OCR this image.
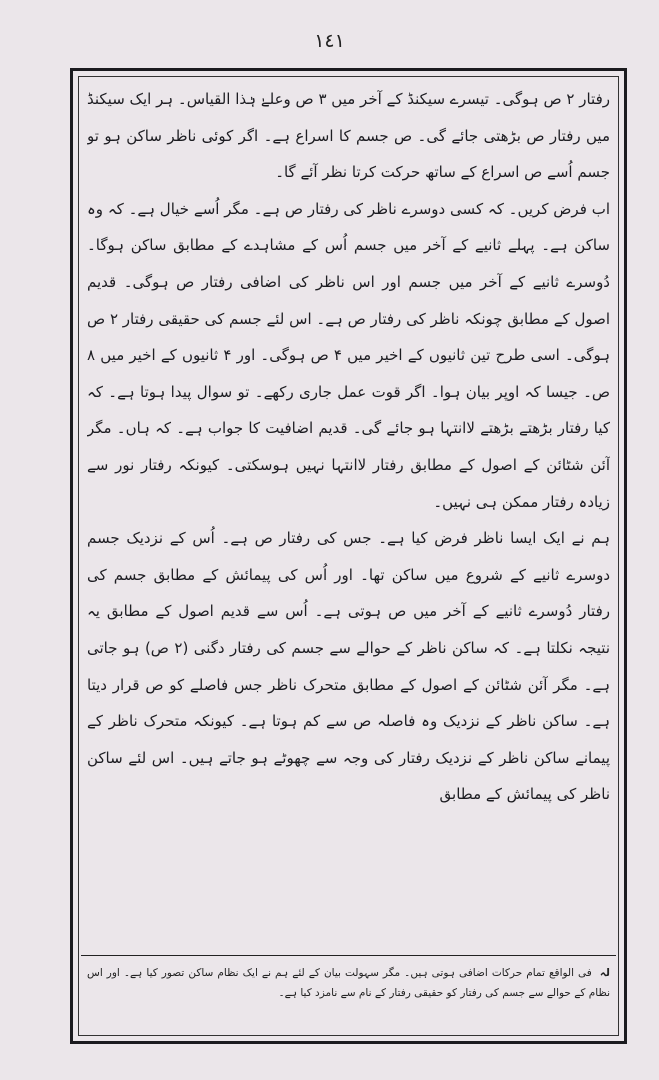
١٤١

رفتار ۲ ص ہوگی۔ تیسرے سیکنڈ کے آخر میں ۳ ص وعلےٰ ہٰذا القیاس۔ ہر ایک سیکنڈ میں رفتار ص بڑھتی جائے گی۔ ص جسم کا اسراع ہے۔ اگر کوئی ناظر ساکن ہو تو جسم اُسے ص اسراع کے ساتھ حرکت کرتا نظر آئے گا۔

اب فرض کریں۔ کہ کسی دوسرے ناظر کی رفتار ص ہے۔ مگر اُسے خیال ہے۔ کہ وہ ساکن ہے۔ پہلے ثانیے کے آخر میں جسم اُس کے مشاہدے کے مطابق ساکن ہوگا۔ دُوسرے ثانیے کے آخر میں جسم اور اس ناظر کی اضافی رفتار ص ہوگی۔ قدیم اصول کے مطابق چونکہ ناظر کی رفتار ص ہے۔ اس لئے جسم کی حقیقی رفتار ۲ ص ہوگی۔ اسی طرح تین ثانیوں کے اخیر میں ۴ ص ہوگی۔ اور ۴ ثانیوں کے اخیر میں ۸ ص۔ جیسا کہ اوپر بیان ہوا۔ اگر قوت عمل جاری رکھے۔ تو سوال پیدا ہوتا ہے۔ کہ کیا رفتار بڑھتے بڑھتے لاانتہا ہو جائے گی۔ قدیم اضافیت کا جواب ہے۔ کہ ہاں۔ مگر آئن شٹائن کے اصول کے مطابق رفتار لاانتہا نہیں ہوسکتی۔ کیونکہ رفتار نور سے زیادہ رفتار ممکن ہی نہیں۔

ہم نے ایک ایسا ناظر فرض کیا ہے۔ جس کی رفتار ص ہے۔ اُس کے نزدیک جسم دوسرے ثانیے کے شروع میں ساکن تھا۔ اور اُس کی پیمائش کے مطابق جسم کی رفتار دُوسرے ثانیے کے آخر میں ص ہوتی ہے۔ اُس سے قدیم اصول کے مطابق یہ نتیجہ نکلتا ہے۔ کہ ساکن ناظر کے حوالے سے جسم کی رفتار دگنی (۲ ص) ہو جاتی ہے۔ مگر آئن شٹائن کے اصول کے مطابق متحرک ناظر جس فاصلے کو ص قرار دیتا ہے۔ ساکن ناظر کے نزدیک وہ فاصلہ ص سے کم ہوتا ہے۔ کیونکہ متحرک ناظر کے پیمانے ساکن ناظر کے نزدیک رفتار کی وجہ سے چھوٹے ہو جاتے ہیں۔ اس لئے ساکن ناظر کی پیمائش کے مطابق

لہ فی الواقع تمام حرکات اضافی ہوتی ہیں۔ مگر سہولت بیان کے لئے ہم نے ایک نظام ساکن تصور کیا ہے۔ اور اس نظام کے حوالے سے جسم کی رفتار کو حقیقی رفتار کے نام سے نامزد کیا ہے۔
